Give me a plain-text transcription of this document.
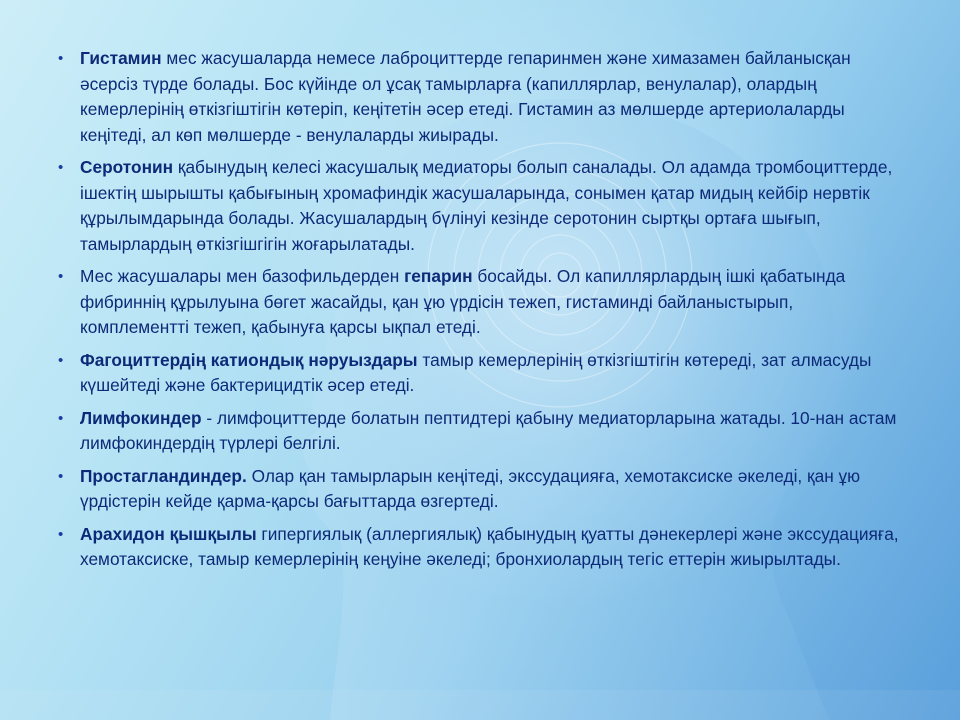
• Гистамин мес жасушаларда немесе лаброциттерде гепаринмен және химазамен байланысқан әсерсіз түрде болады. Бос күйінде ол ұсақ тамырларға (капиллярлар, венулалар), олардың кемерлерінің өткізгіштігін көтеріп, кеңітетін әсер етеді. Гистамин аз мөлшерде артериолаларды кеңітеді, ал көп мөлшерде - венулаларды жиырады.
• Серотонин қабынудың келесі жасушалық медиаторы болып саналады. Ол адамда тромбоциттерде, ішектің шырышты қабығының хромафиндік жасушаларында, сонымен қатар мидың кейбір нервтік құрылымдарында болады. Жасушалардың бүлінуі кезінде серотонин сыртқы ортаға шығып, тамырлардың өткізгішгігін жоғарылатады.
• Мес жасушалары мен базофильдерден гепарин босайды. Ол капиллярлардың ішкі қабатында фибриннің құрылуына бөгет жасайды, қан ұю үрдісін тежеп, гистаминді байланыстырып, комплементті тежеп, қабынуға қарсы ықпал етеді.
• Фагоциттердің катиондық нәруыздары тамыр кемерлерінің өткізгіштігін көтереді, зат алмасуды күшейтеді және бактерицидтік әсер етеді.
• Лимфокиндер - лимфоциттерде болатын пептидтері қабыну медиаторларына жатады. 10-нан астам лимфокиндердің түрлері белгілі.
• Простагландиндер. Олар қан тамырларын кеңітеді, экссудацияға, хемотаксиске әкеледі, қан ұю үрдістерін кейде қарма-қарсы бағыттарда өзгертеді.
• Арахидон қышқылы гипергиялық (аллергиялық) қабынудың қуатты дәнекерлері және экссудацияға, хемотаксиске, тамыр кемерлерінің кеңуіне әкеледі; бронхиолардың тегіс еттерін жиырылтады.
